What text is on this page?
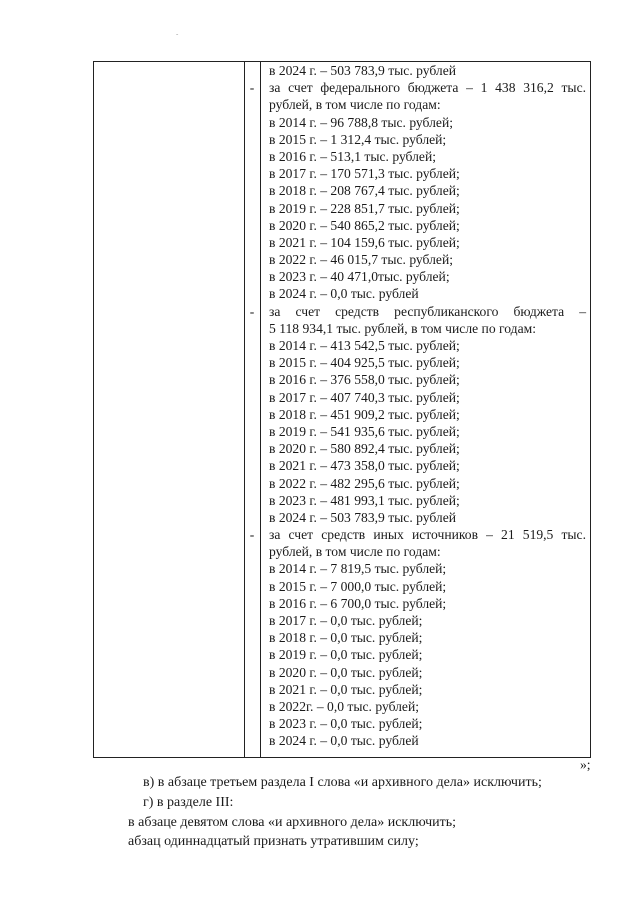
-
в 2024 г. – 503 783,9 тыс. рублей
-	за счет федерального бюджета – 1 438 316,2 тыс.
рублей, в том числе по годам:
в 2014 г. – 96 788,8 тыс. рублей;
в 2015 г. – 1 312,4 тыс. рублей;
в 2016 г. – 513,1 тыс. рублей;
в 2017 г. – 170 571,3 тыс. рублей;
в 2018 г. – 208 767,4 тыс. рублей;
в 2019 г. – 228 851,7 тыс. рублей;
в 2020 г. – 540 865,2 тыс. рублей;
в 2021 г. – 104 159,6 тыс. рублей;
в 2022 г. – 46 015,7 тыс. рублей;
в 2023 г. – 40 471,0тыс. рублей;
в 2024 г. – 0,0 тыс. рублей
-	за счет средств республиканского бюджета –
5 118 934,1 тыс. рублей, в том числе по годам:
в 2014 г. – 413 542,5 тыс. рублей;
в 2015 г. – 404 925,5 тыс. рублей;
в 2016 г. – 376 558,0 тыс. рублей;
в 2017 г. – 407 740,3 тыс. рублей;
в 2018 г. – 451 909,2 тыс. рублей;
в 2019 г. – 541 935,6 тыс. рублей;
в 2020 г. – 580 892,4 тыс. рублей;
в 2021 г. – 473 358,0 тыс. рублей;
в 2022 г. – 482 295,6 тыс. рублей;
в 2023 г. – 481 993,1 тыс. рублей;
в 2024 г. – 503 783,9 тыс. рублей
-	за счет средств иных источников – 21 519,5 тыс.
рублей, в том числе по годам:
в 2014 г. – 7 819,5 тыс. рублей;
в 2015 г. – 7 000,0 тыс. рублей;
в 2016 г. – 6 700,0 тыс. рублей;
в 2017 г. – 0,0 тыс. рублей;
в 2018 г. – 0,0 тыс. рублей;
в 2019 г. – 0,0 тыс. рублей;
в 2020 г. – 0,0 тыс. рублей;
в 2021 г. – 0,0 тыс. рублей;
в 2022г. – 0,0 тыс. рублей;
в 2023 г. – 0,0 тыс. рублей;
в 2024 г. – 0,0 тыс. рублей
»;

в) в абзаце третьем раздела I слова «и архивного дела» исключить;

г) в разделе III:

в абзаце девятом слова «и архивного дела» исключить;

абзац одиннадцатый признать утратившим силу;
